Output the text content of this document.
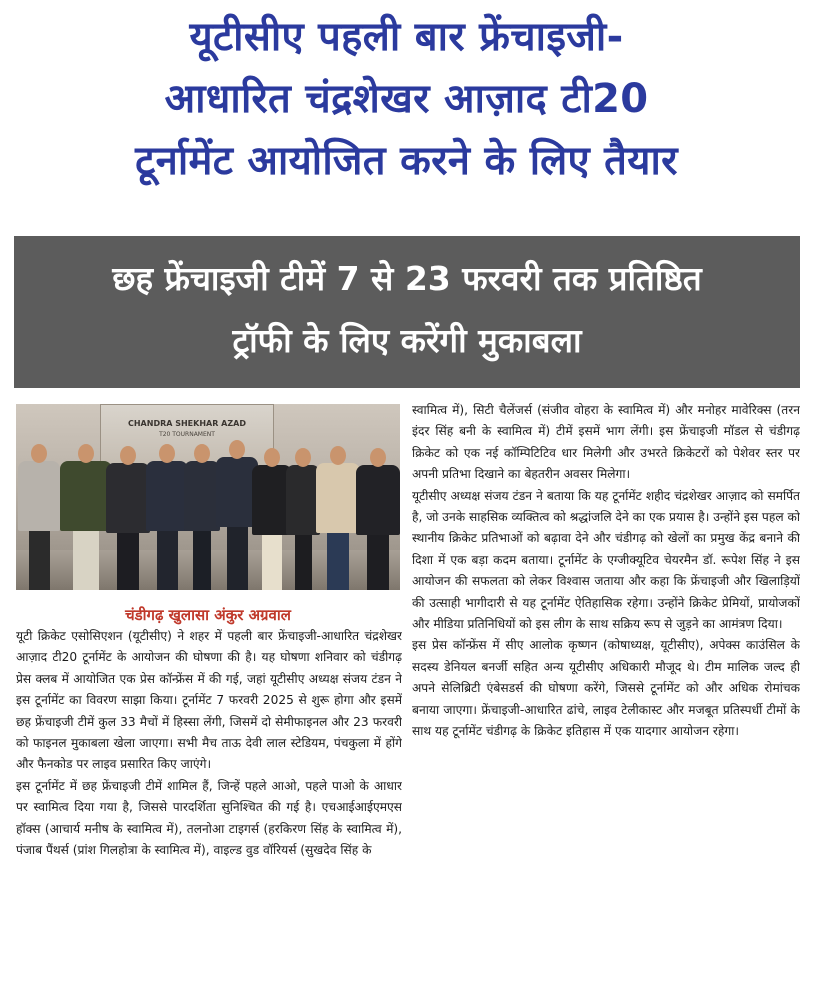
यूटीसीए पहली बार फ्रेंचाइजी-
आधारित चंद्रशेखर आज़ाद टी20
टूर्नामेंट आयोजित करने के लिए तैयार
छह फ्रेंचाइजी टीमें 7 से 23 फरवरी तक प्रतिष्ठित
ट्रॉफी के लिए करेंगी मुकाबला
CHANDRA SHEKHAR AZAD
T20 TOURNAMENT
चंडीगढ़ खुलासा अंकुर अग्रवाल

यूटी क्रिकेट एसोसिएशन (यूटीसीए) ने शहर में पहली बार फ्रेंचाइजी-आधारित चंद्रशेखर आज़ाद टी20 टूर्नामेंट के आयोजन की घोषणा की है। यह घोषणा शनिवार को चंडीगढ़ प्रेस क्लब में आयोजित एक प्रेस कॉन्फ्रेंस में की गई, जहां यूटीसीए अध्यक्ष संजय टंडन ने इस टूर्नामेंट का विवरण साझा किया। टूर्नामेंट 7 फरवरी 2025 से शुरू होगा और इसमें छह फ्रेंचाइजी टीमें कुल 33 मैचों में हिस्सा लेंगी, जिसमें दो सेमीफाइनल और 23 फरवरी को फाइनल मुकाबला खेला जाएगा। सभी मैच ताऊ देवी लाल स्टेडियम, पंचकुला में होंगे और फैनकोड पर लाइव प्रसारित किए जाएंगे।

इस टूर्नामेंट में छह फ्रेंचाइजी टीमें शामिल हैं, जिन्हें पहले आओ, पहले पाओ के आधार पर स्वामित्व दिया गया है, जिससे पारदर्शिता सुनिश्चित की गई है। एचआईआईएमएस हॉक्स (आचार्य मनीष के स्वामित्व में), तलनोआ टाइगर्स (हरकिरण सिंह के स्वामित्व में), पंजाब पैंथर्स (प्रांश गिलहोत्रा के स्वामित्व में), वाइल्ड वुड वॉरियर्स (सुखदेव सिंह के

स्वामित्व में), सिटी चैलेंजर्स (संजीव वोहरा के स्वामित्व में) और मनोहर मावेरिक्स (तरन इंदर सिंह बनी के स्वामित्व में) टीमें इसमें भाग लेंगी। इस फ्रेंचाइजी मॉडल से चंडीगढ़ क्रिकेट को एक नई कॉम्पिटिटिव धार मिलेगी और उभरते क्रिकेटरों को पेशेवर स्तर पर अपनी प्रतिभा दिखाने का बेहतरीन अवसर मिलेगा।

यूटीसीए अध्यक्ष संजय टंडन ने बताया कि यह टूर्नामेंट शहीद चंद्रशेखर आज़ाद को समर्पित है, जो उनके साहसिक व्यक्तित्व को श्रद्धांजलि देने का एक प्रयास है। उन्होंने इस पहल को स्थानीय क्रिकेट प्रतिभाओं को बढ़ावा देने और चंडीगढ़ को खेलों का प्रमुख केंद्र बनाने की दिशा में एक बड़ा कदम बताया। टूर्नामेंट के एग्जीक्यूटिव चेयरमैन डॉ. रूपेश सिंह ने इस आयोजन की सफलता को लेकर विश्वास जताया और कहा कि फ्रेंचाइजी और खिलाड़ियों की उत्साही भागीदारी से यह टूर्नामेंट ऐतिहासिक रहेगा। उन्होंने क्रिकेट प्रेमियों, प्रायोजकों और मीडिया प्रतिनिधियों को इस लीग के साथ सक्रिय रूप से जुड़ने का आमंत्रण दिया।

इस प्रेस कॉन्फ्रेंस में सीए आलोक कृष्णन (कोषाध्यक्ष, यूटीसीए), अपेक्स काउंसिल के सदस्य डेनियल बनर्जी सहित अन्य यूटीसीए अधिकारी मौजूद थे। टीम मालिक जल्द ही अपने सेलिब्रिटी एंबेसडर्स की घोषणा करेंगे, जिससे टूर्नामेंट को और अधिक रोमांचक बनाया जाएगा। फ्रेंचाइजी-आधारित ढांचे, लाइव टेलीकास्ट और मजबूत प्रतिस्पर्धी टीमों के साथ यह टूर्नामेंट चंडीगढ़ के क्रिकेट इतिहास में एक यादगार आयोजन रहेगा।
